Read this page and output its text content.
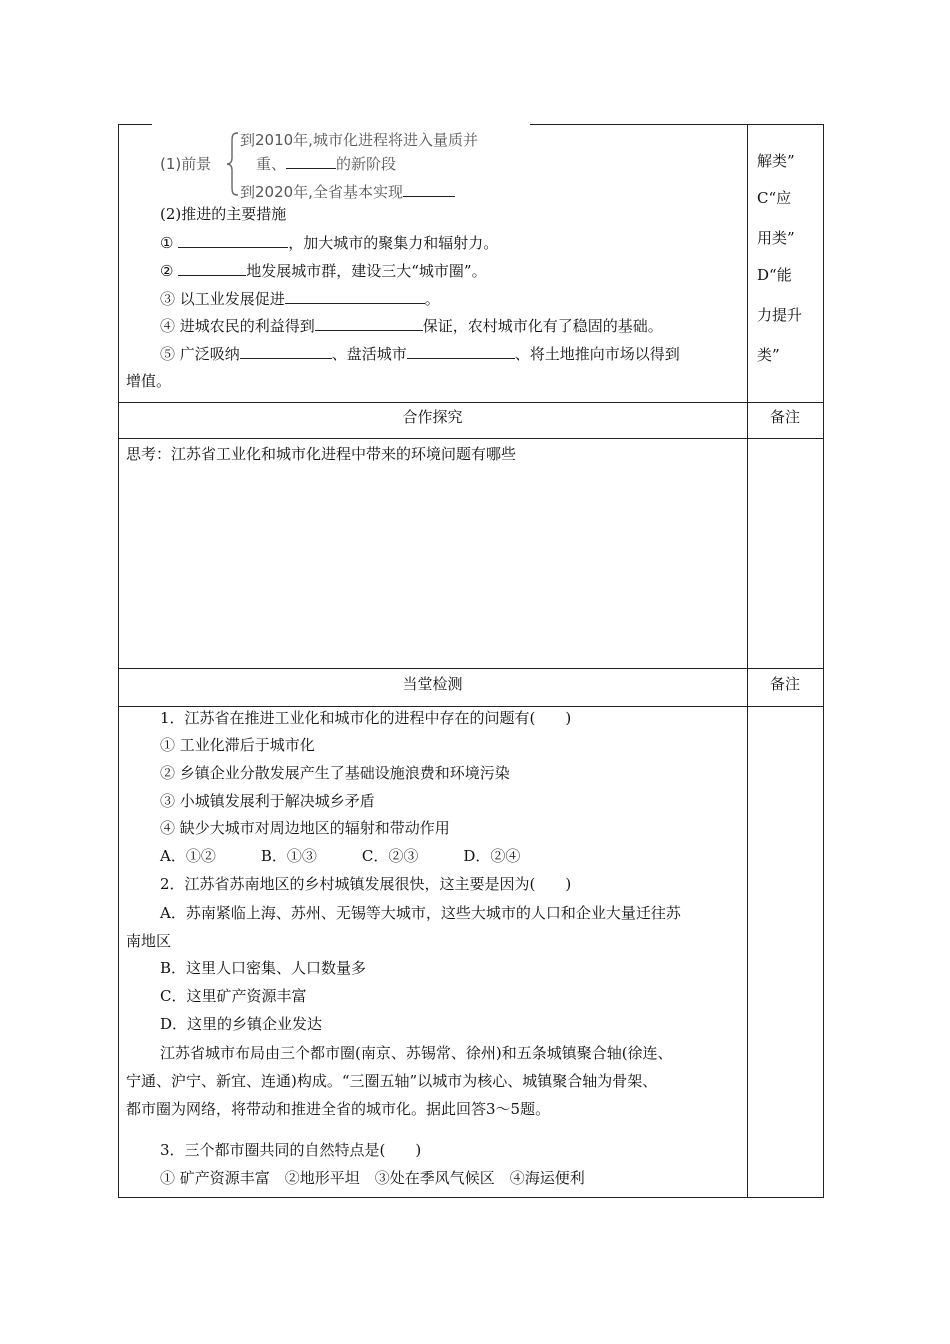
(1)前景
到2010年,城市化进程将进入量质并
重、	的新阶段
到2020年,全省基本实现
(2)推进的主要措施
①	，加大城市的聚集力和辐射力。
②	地发展城市群，建设三大“城市圈”。
③ 以工业发展促进	。
④ 进城农民的利益得到	保证，农村城市化有了稳固的基础。
⑤ 广泛吸纳	、盘活城市	、将土地推向市场以得到
增值。
解类”
C“应
用类”
D“能
力提升
类”
合作探究	备注
思考：江苏省工业化和城市化进程中带来的环境问题有哪些
当堂检测	备注
1．江苏省在推进工业化和城市化的进程中存在的问题有(　　)
① 工业化滞后于城市化
② 乡镇企业分散发展产生了基础设施浪费和环境污染
③ 小城镇发展利于解决城乡矛盾
④ 缺少大城市对周边地区的辐射和带动作用
A．①②　　　B．①③　　　C．②③　　　D．②④
2．江苏省苏南地区的乡村城镇发展很快，这主要是因为(　　)
A．苏南紧临上海、苏州、无锡等大城市，这些大城市的人口和企业大量迁往苏
南地区
B．这里人口密集、人口数量多
C．这里矿产资源丰富
D．这里的乡镇企业发达
江苏省城市布局由三个都市圈(南京、苏锡常、徐州)和五条城镇聚合轴(徐连、
宁通、沪宁、新宜、连通)构成。“三圈五轴”以城市为核心、城镇聚合轴为骨架、
都市圈为网络，将带动和推进全省的城市化。据此回答3～5题。
3．三个都市圈共同的自然特点是(　　)
① 矿产资源丰富　②地形平坦　③处在季风气候区　④海运便利
